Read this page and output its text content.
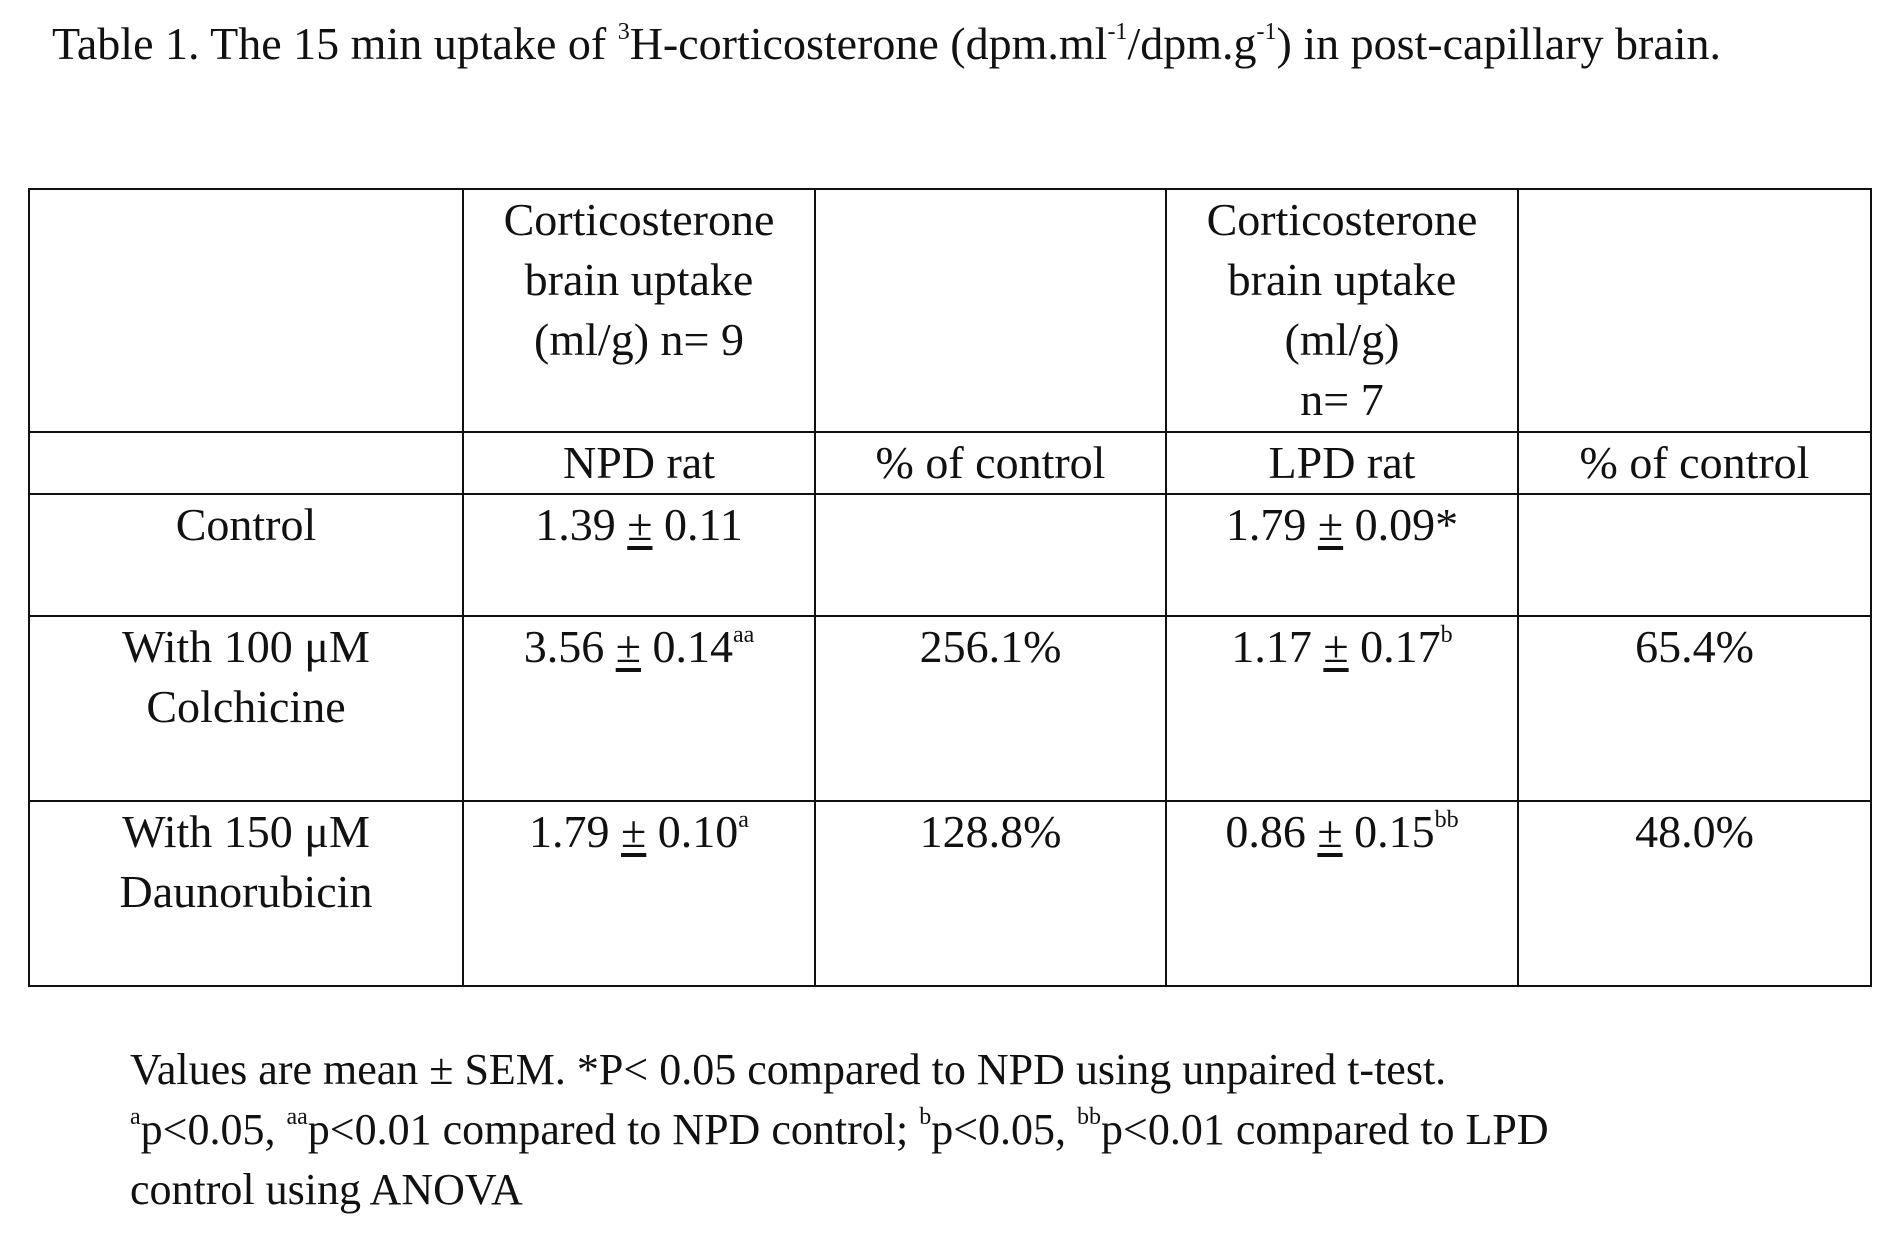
Table 1. The 15 min uptake of $^3$H-corticosterone $(dpm.ml^{-1}/dpm.g^{-1})$ in post-capillary brain.

	Corticosterone brain uptake (ml/g) n= 9		Corticosterone brain uptake (ml/g)
n= 7	

	NPD rat	% of control	LPD rat	% of control
Control	1.39 ± 0.11		1.79 ± 0.09*	

With 100 μM
Colchicine	3.56 ± 0.14$^{aa}$	256.1%	1.17 ± 0.17$^b$	65.4%

With 150 μM
Daunorubicin	1.79 ± 0.10$^a$	128.8%	0.86 ± 0.15$^{bb}$	48.0%
Values are mean ± SEM. *P< 0.05 compared to NPD using unpaired t-test.
$^a$p<0.05, $^{aa}$p<0.01 compared to NPD control; $^b$p<0.05, $^{bb}$p<0.01 compared to LPD
control using ANOVA
